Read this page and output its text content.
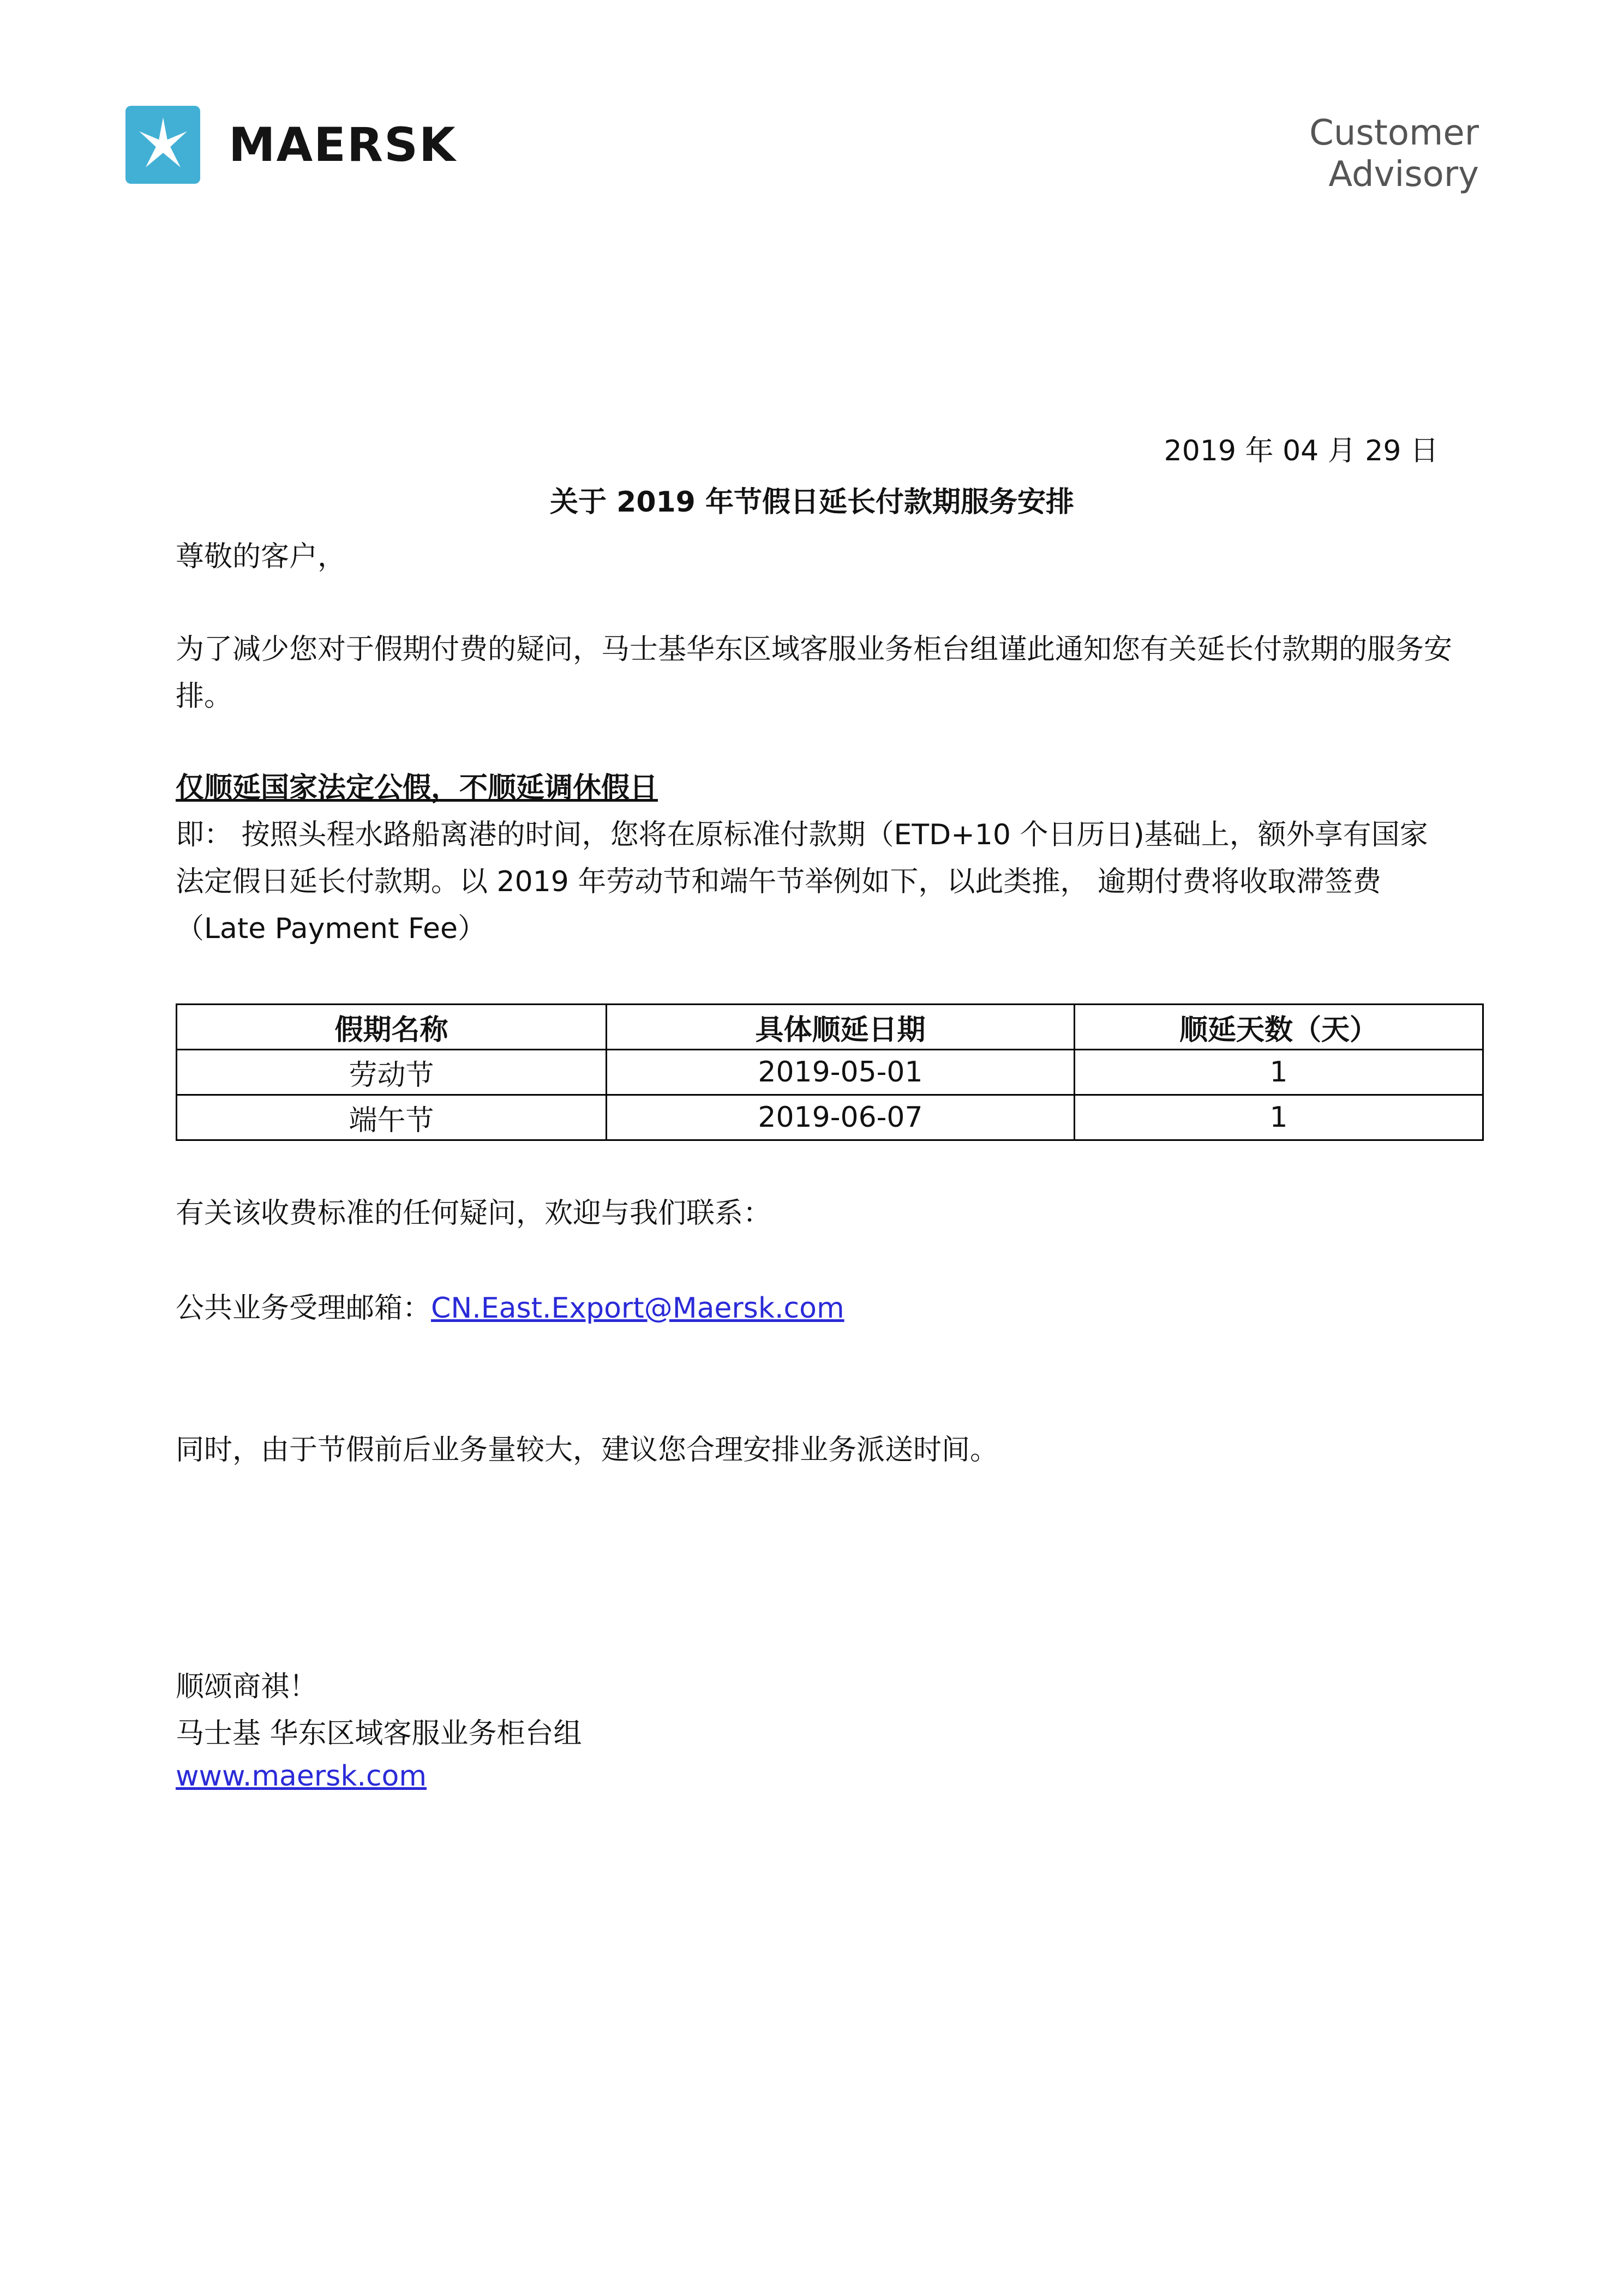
MAERSK	Customer
Advisory
2019 年 04 月 29 日
关于 2019 年节假日延长付款期服务安排
尊敬的客户，
为了减少您对于假期付费的疑问，马士基华东区域客服业务柜台组谨此通知您有关延长付款期的服务安排。
仅顺延国家法定公假，不顺延调休假日
即： 按照头程水路船离港的时间，您将在原标准付款期（ETD+10 个日历日)基础上，额外享有国家法定假日延长付款期。以 2019 年劳动节和端午节举例如下，以此类推， 逾期付费将收取滞签费（Late Payment Fee）
假期名称	具体顺延日期	顺延天数（天）
劳动节	2019-05-01	1
端午节	2019-06-07	1
有关该收费标准的任何疑问，欢迎与我们联系：
公共业务受理邮箱：CN.East.Export@Maersk.com
同时，由于节假前后业务量较大，建议您合理安排业务派送时间。
顺颂商祺！
马士基 华东区域客服业务柜台组
www.maersk.com
